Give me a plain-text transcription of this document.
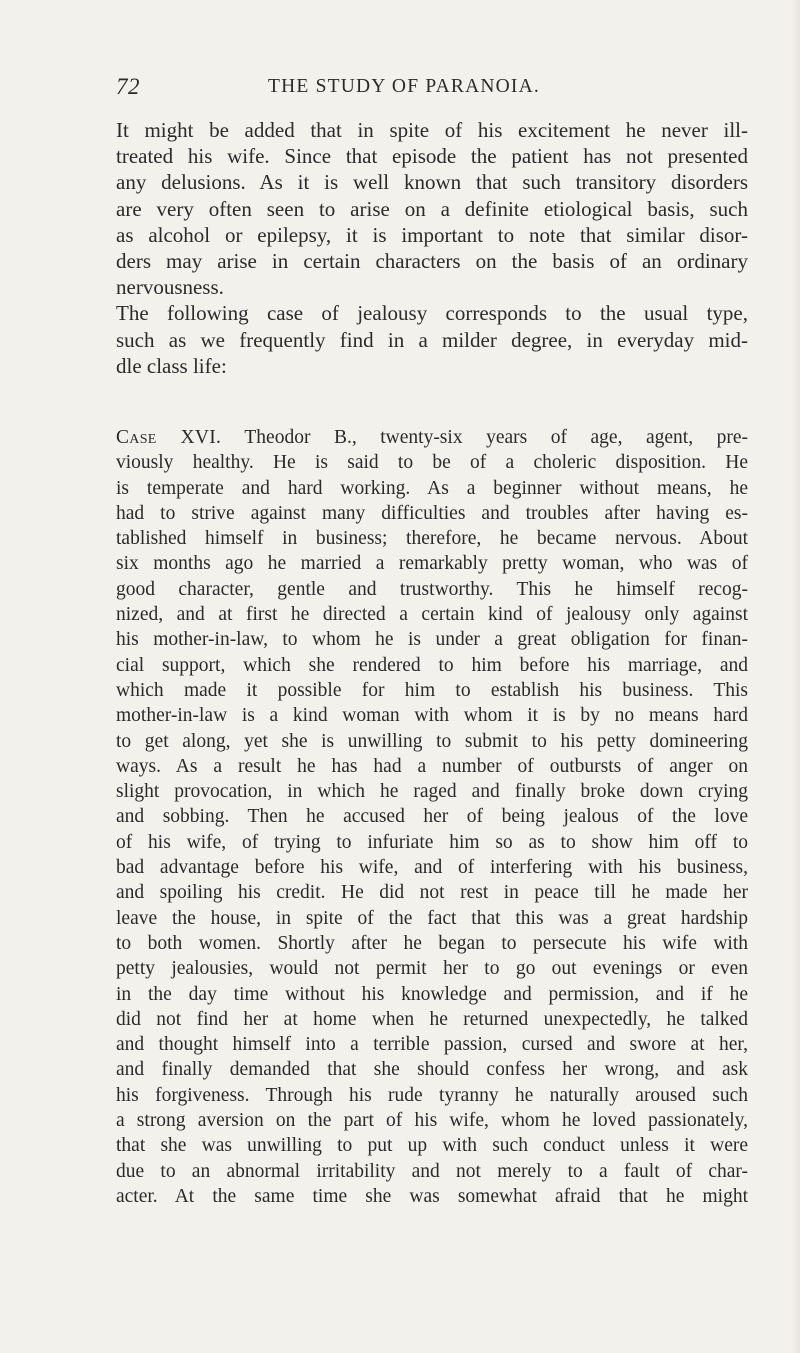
72	THE STUDY OF PARANOIA.
It might be added that in spite of his excitement he never ill-
treated his wife. Since that episode the patient has not presented
any delusions. As it is well known that such transitory disorders
are very often seen to arise on a definite etiological basis, such
as alcohol or epilepsy, it is important to note that similar disor-
ders may arise in certain characters on the basis of an ordinary
nervousness.
The following case of jealousy corresponds to the usual type,
such as we frequently find in a milder degree, in everyday mid-
dle class life:
Case XVI. Theodor B., twenty-six years of age, agent, pre-
viously healthy. He is said to be of a choleric disposition. He
is temperate and hard working. As a beginner without means, he
had to strive against many difficulties and troubles after having es-
tablished himself in business; therefore, he became nervous. About
six months ago he married a remarkably pretty woman, who was of
good character, gentle and trustworthy. This he himself recog-
nized, and at first he directed a certain kind of jealousy only against
his mother-in-law, to whom he is under a great obligation for finan-
cial support, which she rendered to him before his marriage, and
which made it possible for him to establish his business. This
mother-in-law is a kind woman with whom it is by no means hard
to get along, yet she is unwilling to submit to his petty domineering
ways. As a result he has had a number of outbursts of anger on
slight provocation, in which he raged and finally broke down crying
and sobbing. Then he accused her of being jealous of the love
of his wife, of trying to infuriate him so as to show him off to
bad advantage before his wife, and of interfering with his business,
and spoiling his credit. He did not rest in peace till he made her
leave the house, in spite of the fact that this was a great hardship
to both women. Shortly after he began to persecute his wife with
petty jealousies, would not permit her to go out evenings or even
in the day time without his knowledge and permission, and if he
did not find her at home when he returned unexpectedly, he talked
and thought himself into a terrible passion, cursed and swore at her,
and finally demanded that she should confess her wrong, and ask
his forgiveness. Through his rude tyranny he naturally aroused such
a strong aversion on the part of his wife, whom he loved passionately,
that she was unwilling to put up with such conduct unless it were
due to an abnormal irritability and not merely to a fault of char-
acter. At the same time she was somewhat afraid that he might
